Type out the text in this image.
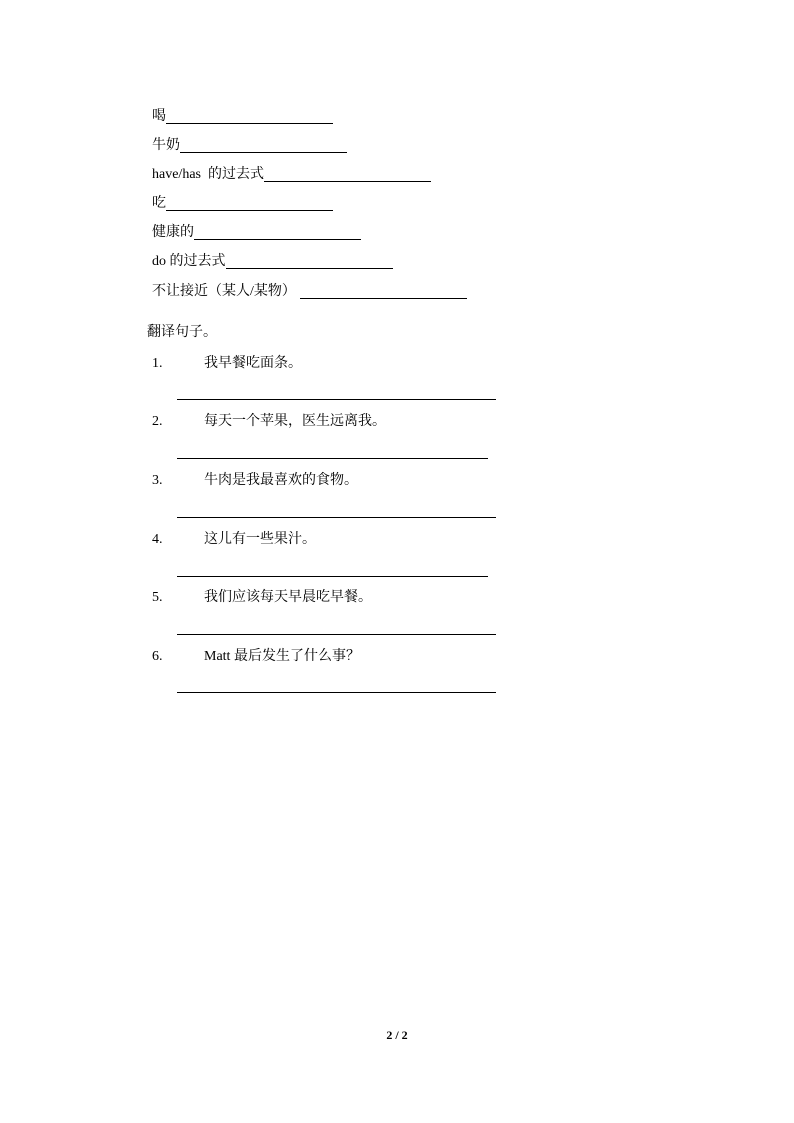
喝
牛奶
have/has  的过去式
吃
健康的
do 的过去式
不让接近（某人/某物）
翻译句子。
1.	我早餐吃面条。
2.	每天一个苹果，医生远离我。
3.	牛肉是我最喜欢的食物。
4.	这儿有一些果汁。
5.	我们应该每天早晨吃早餐。
6.	Matt 最后发生了什么事？
2 / 2
